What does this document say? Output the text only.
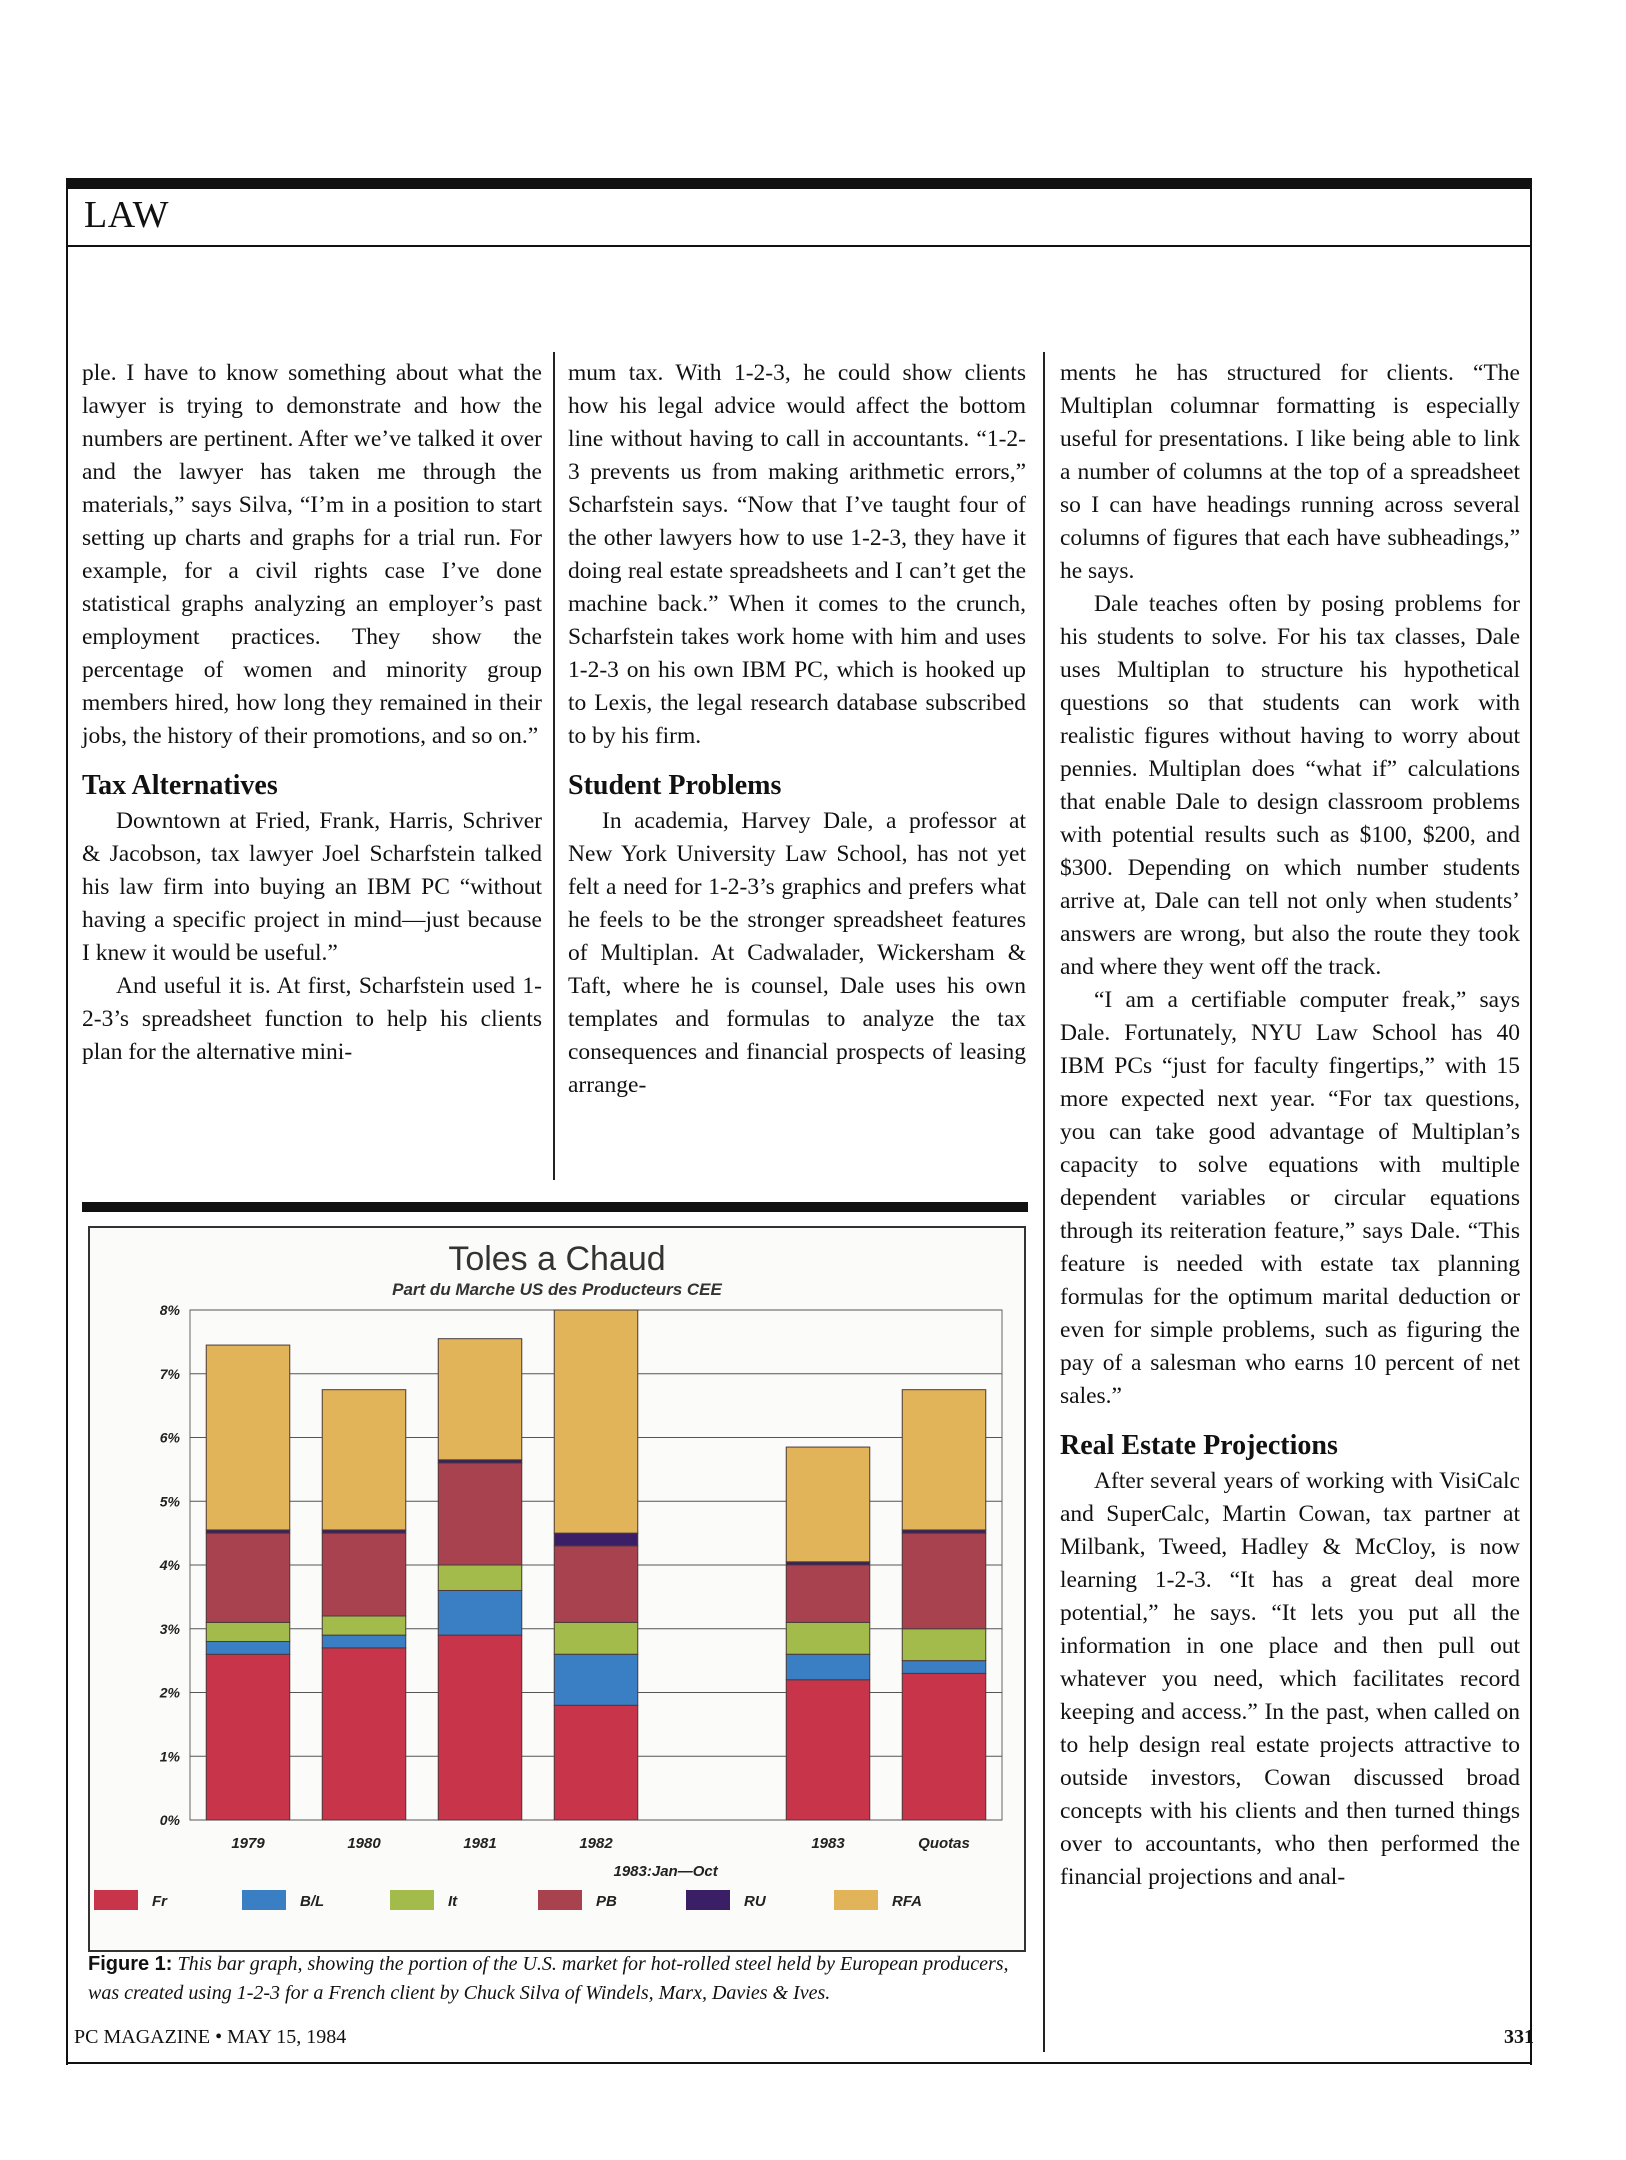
LAW

ple. I have to know something about what the lawyer is trying to demonstrate and how the numbers are pertinent. After we’ve talked it over and the lawyer has taken me through the materials,” says Silva, “I’m in a position to start setting up charts and graphs for a trial run. For example, for a civil rights case I’ve done statistical graphs analyzing an employer’s past employment practices. They show the percentage of women and minority group members hired, how long they remained in their jobs, the history of their promotions, and so on.”

Tax Alternatives

Downtown at Fried, Frank, Harris, Schriver & Jacobson, tax lawyer Joel Scharfstein talked his law firm into buying an IBM PC “without having a specific project in mind—just because I knew it would be useful.”

And useful it is. At first, Scharfstein used 1-2-3’s spreadsheet function to help his clients plan for the alternative mini-

mum tax. With 1-2-3, he could show clients how his legal advice would affect the bottom line without having to call in accountants. “1-2-3 prevents us from making arithmetic errors,” Scharfstein says. “Now that I’ve taught four of the other lawyers how to use 1-2-3, they have it doing real estate spreadsheets and I can’t get the machine back.” When it comes to the crunch, Scharfstein takes work home with him and uses 1-2-3 on his own IBM PC, which is hooked up to Lexis, the legal research database subscribed to by his firm.

Student Problems

In academia, Harvey Dale, a professor at New York University Law School, has not yet felt a need for 1-2-3’s graphics and prefers what he feels to be the stronger spreadsheet features of Multiplan. At Cadwalader, Wickersham & Taft, where he is counsel, Dale uses his own templates and formulas to analyze the tax consequences and financial prospects of leasing arrange-

ments he has structured for clients. “The Multiplan columnar formatting is especially useful for presentations. I like being able to link a number of columns at the top of a spreadsheet so I can have headings running across several columns of figures that each have subheadings,” he says.

Dale teaches often by posing problems for his students to solve. For his tax classes, Dale uses Multiplan to structure his hypothetical questions so that students can work with realistic figures without having to worry about pennies. Multiplan does “what if” calculations that enable Dale to design classroom problems with potential results such as $100, $200, and $300. Depending on which number students arrive at, Dale can tell not only when students’ answers are wrong, but also the route they took and where they went off the track.

“I am a certifiable computer freak,” says Dale. Fortunately, NYU Law School has 40 IBM PCs “just for faculty fingertips,” with 15 more expected next year. “For tax questions, you can take good advantage of Multiplan’s capacity to solve equations with multiple dependent variables or circular equations through its reiteration feature,” says Dale. “This feature is needed with estate tax planning formulas for the optimum marital deduction or even for simple problems, such as figuring the pay of a salesman who earns 10 percent of net sales.”

Real Estate Projections

After several years of working with VisiCalc and SuperCalc, Martin Cowan, tax partner at Milbank, Tweed, Hadley & McCloy, is now learning 1-2-3. “It has a great deal more potential,” he says. “It lets you put all the information in one place and then pull out whatever you need, which facilitates record keeping and access.” In the past, when called on to help design real estate projects attractive to outside investors, Cowan discussed broad concepts with his clients and then turned things over to accountants, who then performed the financial projections and anal-

Toles a Chaud
Part du Marche US des Producteurs CEE
0%
1%
2%
3%
4%
5%
6%
7%
8%
1979	1980	1981	1982	1983	Quotas
1983:Jan—Oct
Fr	B/L	It	PB	RU	RFA
Figure 1: This bar graph, showing the portion of the U.S. market for hot-rolled steel held by European producers, was created using 1-2-3 for a French client by Chuck Silva of Windels, Marx, Davies & Ives.
PC MAGAZINE • MAY 15, 1984	331
